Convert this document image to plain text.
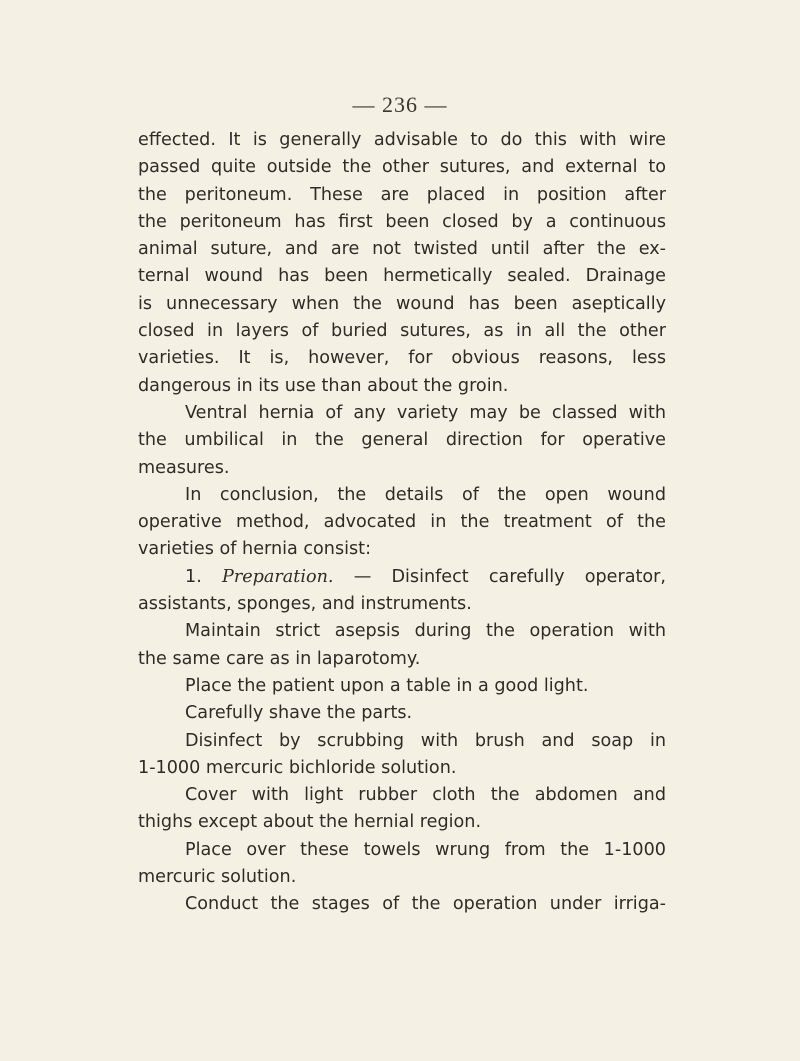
— 236 —
effected. It is generally advisable to do this with wire
passed quite outside the other sutures, and external to
the peritoneum. These are placed in position after
the peritoneum has first been closed by a continuous
animal suture, and are not twisted until after the ex-
ternal wound has been hermetically sealed. Drainage
is unnecessary when the wound has been aseptically
closed in layers of buried sutures, as in all the other
varieties. It is, however, for obvious reasons, less
dangerous in its use than about the groin.
Ventral hernia of any variety may be classed with
the umbilical in the general direction for operative
measures.
In conclusion, the details of the open wound
operative method, advocated in the treatment of the
varieties of hernia consist:
1. Preparation. — Disinfect carefully operator,
assistants, sponges, and instruments.
Maintain strict asepsis during the operation with
the same care as in laparotomy.
Place the patient upon a table in a good light.
Carefully shave the parts.
Disinfect by scrubbing with brush and soap in
1-1000 mercuric bichloride solution.
Cover with light rubber cloth the abdomen and
thighs except about the hernial region.
Place over these towels wrung from the 1-1000
mercuric solution.
Conduct the stages of the operation under irriga-
